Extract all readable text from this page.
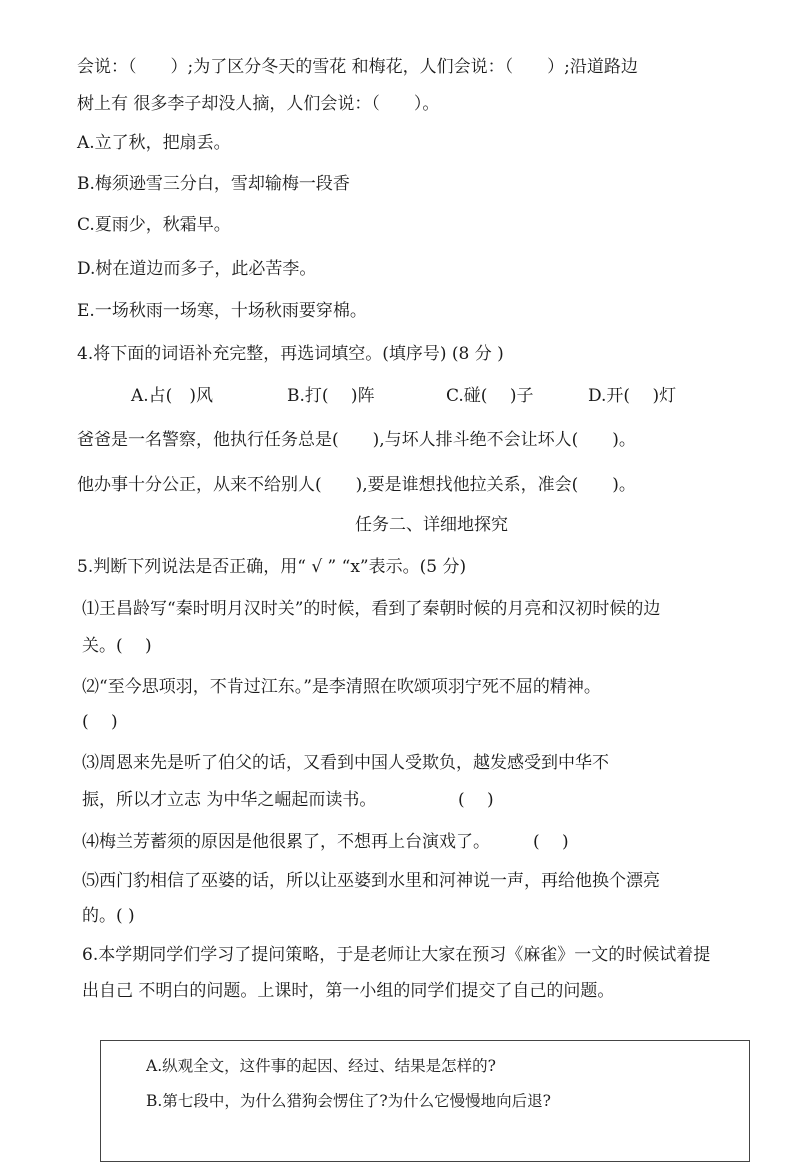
会说：（　　）;为了区分冬天的雪花 和梅花，人们会说：（　　）;沿道路边
树上有 很多李子却没人摘，人们会说：（　　）。
A.立了秋，把扇丢。
B.梅须逊雪三分白，雪却输梅一段香
C.夏雨少，秋霜早。
D.树在道边而多子，此必苦李。
E.一场秋雨一场寒，十场秋雨要穿棉。
4.将下面的词语补充完整，再选词填空。(填序号) (8 分 )
A.占(　)风	B.打(　 )阵	C.碰(　 )子	D.开(　 )灯
爸爸是一名警察，他执行任务总是(　　),与坏人排斗绝不会让坏人(　　)。
他办事十分公正，从来不给别人(　　),要是谁想找他拉关系，准会(　　)。
任务二、详细地探究
5.判断下列说法是否正确，用“ √ ” “x”表示。(5 分)
⑴王昌龄写“秦时明月汉时关”的时候，看到了秦朝时候的月亮和汉初时候的边
关。(　 )
⑵“至今思项羽，不肯过江东。”是李清照在吹颂项羽宁死不屈的精神。
(　 )
⑶周恩来先是听了伯父的话，又看到中国人受欺负，越发感受到中华不
振，所以才立志 为中华之崛起而读书。	(　 )
⑷梅兰芳蓄须的原因是他很累了，不想再上台演戏了。	(　 )
⑸西门豹相信了巫婆的话，所以让巫婆到水里和河神说一声，再给他换个漂亮
的。( )
6.本学期同学们学习了提问策略，于是老师让大家在预习《麻雀》一文的时候试着提
出自己 不明白的问题。上课时，第一小组的同学们提交了自己的问题。
A.纵观全文，这件事的起因、经过、结果是怎样的?
B.第七段中，为什么猎狗会愣住了?为什么它慢慢地向后退?
